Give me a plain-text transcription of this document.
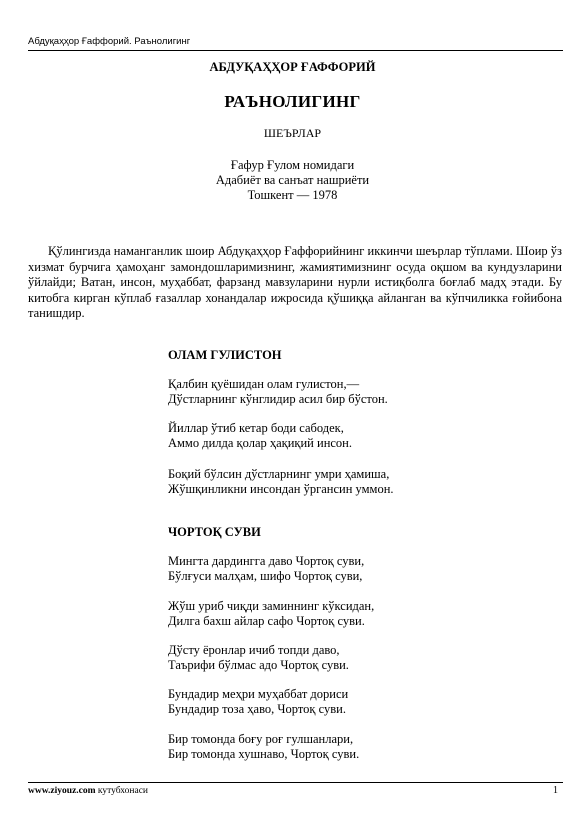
Абдуқаҳҳор Ғаффорий. Раънолигинг
АБДУҚАҲҲОР ҒАФФОРИЙ
РАЪНОЛИГИНГ
ШЕЪРЛАР
Ғафур Ғулом номидаги
Адабиёт ва санъат нашриёти
Тошкент — 1978
Қўлингизда наманганлик шоир Абдуқаҳҳор Ғаффорийнинг иккинчи шеърлар тўплами. Шоир ўз хизмат бурчига ҳамоҳанг замондошларимизнинг, жамиятимизнинг осуда оқшом ва кундузларини ўйлайди; Ватан, инсон, муҳаббат, фарзанд мавзуларини нурли истиқболга боғлаб мадҳ этади. Бу китобга кирган кўплаб ғазаллар хонандалар ижросида қўшиққа айланган ва кўпчиликка ғойибона танишдир.
ОЛАМ ГУЛИСТОН
Қалбин қуёшидан олам гулистон,—
Дўстларнинг кўнглидир асил бир бўстон.
Йиллар ўтиб кетар боди сабодек,
Аммо дилда қолар ҳақиқий инсон.
Боқий бўлсин дўстларнинг умри ҳамиша,
Жўшқинликни инсондан ўргансин уммон.
ЧОРТОҚ СУВИ
Мингта дардингга даво Чортоқ суви,
Бўлғуси малҳам, шифо Чортоқ суви,
Жўш уриб чиқди заминнинг кўксидан,
Дилга бахш айлар сафо Чортоқ суви.
Дўсту ёронлар ичиб топди даво,
Таърифи бўлмас адо Чортоқ суви.
Бундадир меҳри муҳаббат дориси
Бундадир тоза ҳаво, Чортоқ суви.
Бир томонда боғу роғ гулшанлари,
Бир томонда хушнаво, Чортоқ суви.
www.ziyouz.com кутубхонаси	1
